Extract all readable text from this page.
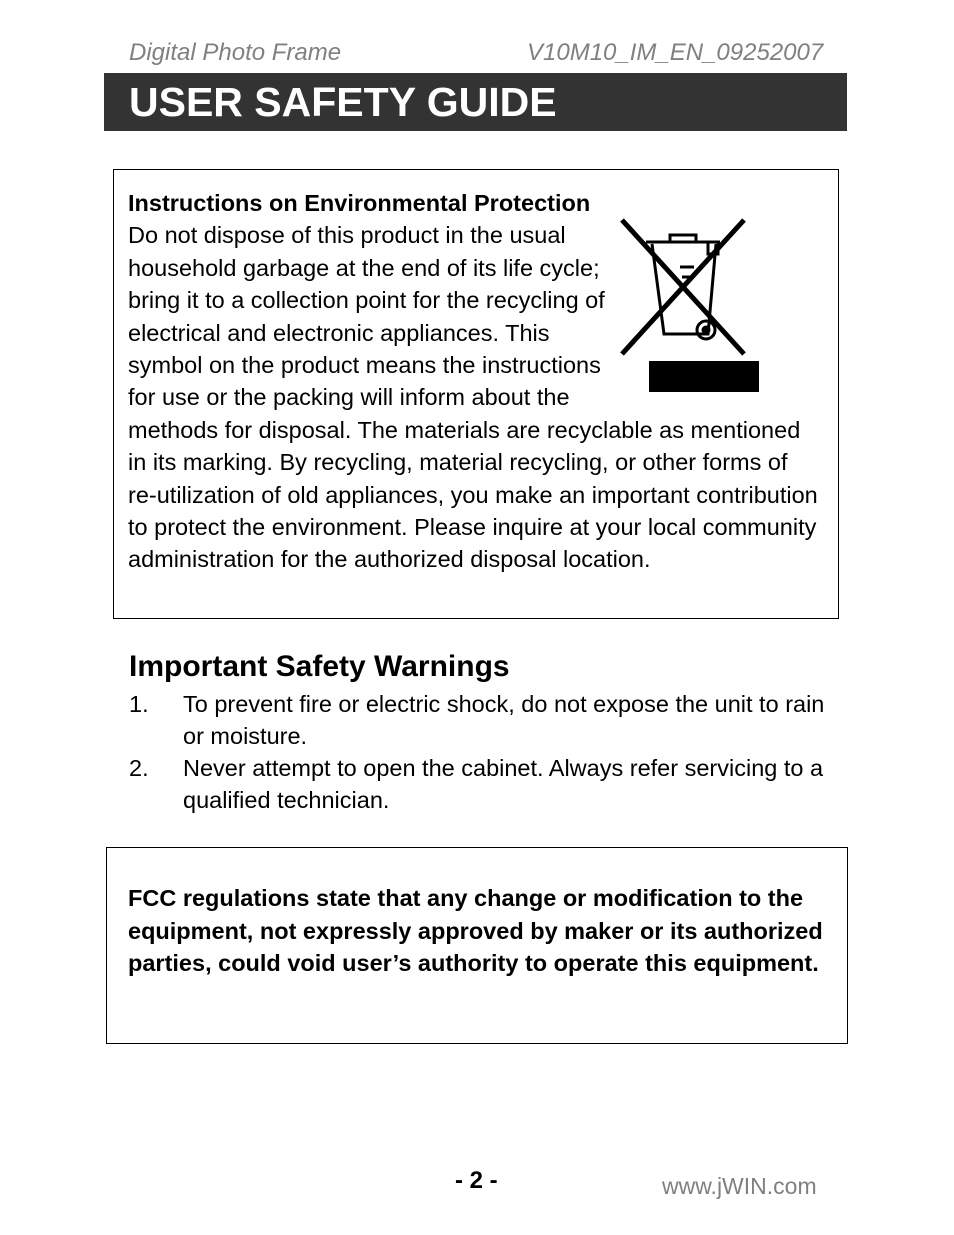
Digital Photo Frame	V10M10_IM_EN_09252007
USER SAFETY GUIDE
Instructions on Environmental Protection
Do not dispose of this product in the usual household garbage at the end of its life cycle; bring it to a collection point for the recycling of electrical and electronic appliances. This symbol on the product means the instructions for use or the packing will inform about the methods for disposal. The materials are recyclable as mentioned in its marking. By recycling, material recycling, or other forms of re-utilization of old appliances, you make an important contribution to protect the environment. Please inquire at your local community administration for the authorized disposal location.
Important Safety Warnings
1. To prevent fire or electric shock, do not expose the unit to rain or moisture.
2. Never attempt to open the cabinet. Always refer servicing to a qualified technician.
FCC regulations state that any change or modification to the equipment, not expressly approved by maker or its authorized parties, could void user’s authority to operate this equipment.
- 2 -	www.jWIN.com
